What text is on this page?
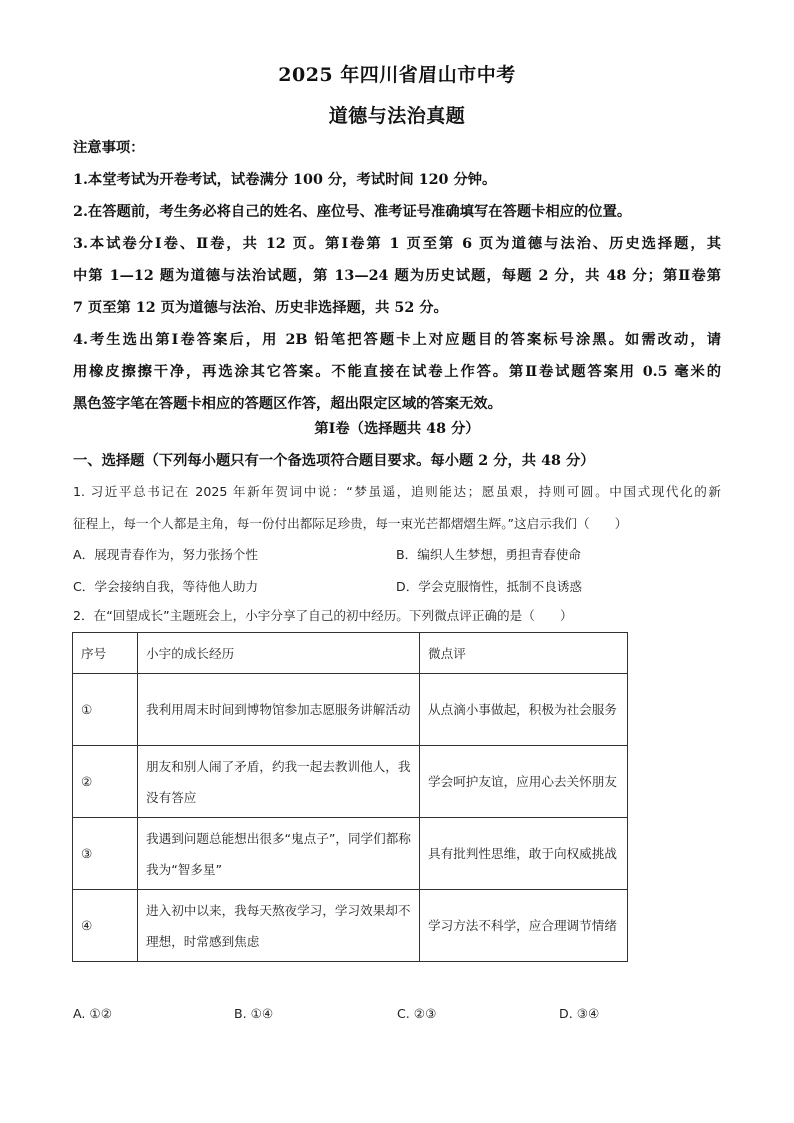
2025 年四川省眉山市中考
道德与法治真题

注意事项：

1.本堂考试为开卷考试，试卷满分 100 分，考试时间 120 分钟。

2.在答题前，考生务必将自己的姓名、座位号、准考证号准确填写在答题卡相应的位置。

3.本试卷分Ⅰ卷、Ⅱ卷，共 12 页。第Ⅰ卷第 1 页至第 6 页为道德与法治、历史选择题，其

中第 1—12 题为道德与法治试题，第 13—24 题为历史试题，每题 2 分，共 48 分；第Ⅱ卷第

7 页至第 12 页为道德与法治、历史非选择题，共 52 分。

4.考生选出第Ⅰ卷答案后，用 2B 铅笔把答题卡上对应题目的答案标号涂黑。如需改动，请

用橡皮擦擦干净，再选涂其它答案。不能直接在试卷上作答。第Ⅱ卷试题答案用 0.5 毫米的

黑色签字笔在答题卡相应的答题区作答，超出限定区域的答案无效。

第Ⅰ卷（选择题共 48 分）
一、选择题（下列每小题只有一个备选项符合题目要求。每小题 2 分，共 48 分）

1. 习近平总书记在 2025 年新年贺词中说：“梦虽遥，追则能达；愿虽艰，持则可圆。中国式现代化的新

征程上，每一个人都是主角，每一份付出都际足珍贵，每一束光芒都熠熠生辉。”这启示我们（　　）

A．展现青春作为，努力张扬个性	B．编织人生梦想，勇担青春使命
C．学会接纳自我，等待他人助力	D．学会克服惰性，抵制不良诱惑

2．在“回望成长”主题班会上，小宇分享了自己的初中经历。下列微点评正确的是（　　）

序号	小宇的成长经历	微点评
①	我利用周末时间到博物馆参加志愿服务讲解活动	从点滴小事做起，积极为社会服务
②	朋友和别人闹了矛盾，约我一起去教训他人，我没有答应	学会呵护友谊，应用心去关怀朋友
③	我遇到问题总能想出很多“鬼点子”，同学们都称我为“智多星”	具有批判性思维，敢于向权威挑战
④	进入初中以来，我每天熬夜学习，学习效果却不理想，时常感到焦虑	学习方法不科学，应合理调节情绪
A. ①②	B. ①④	C. ②③	D. ③④
